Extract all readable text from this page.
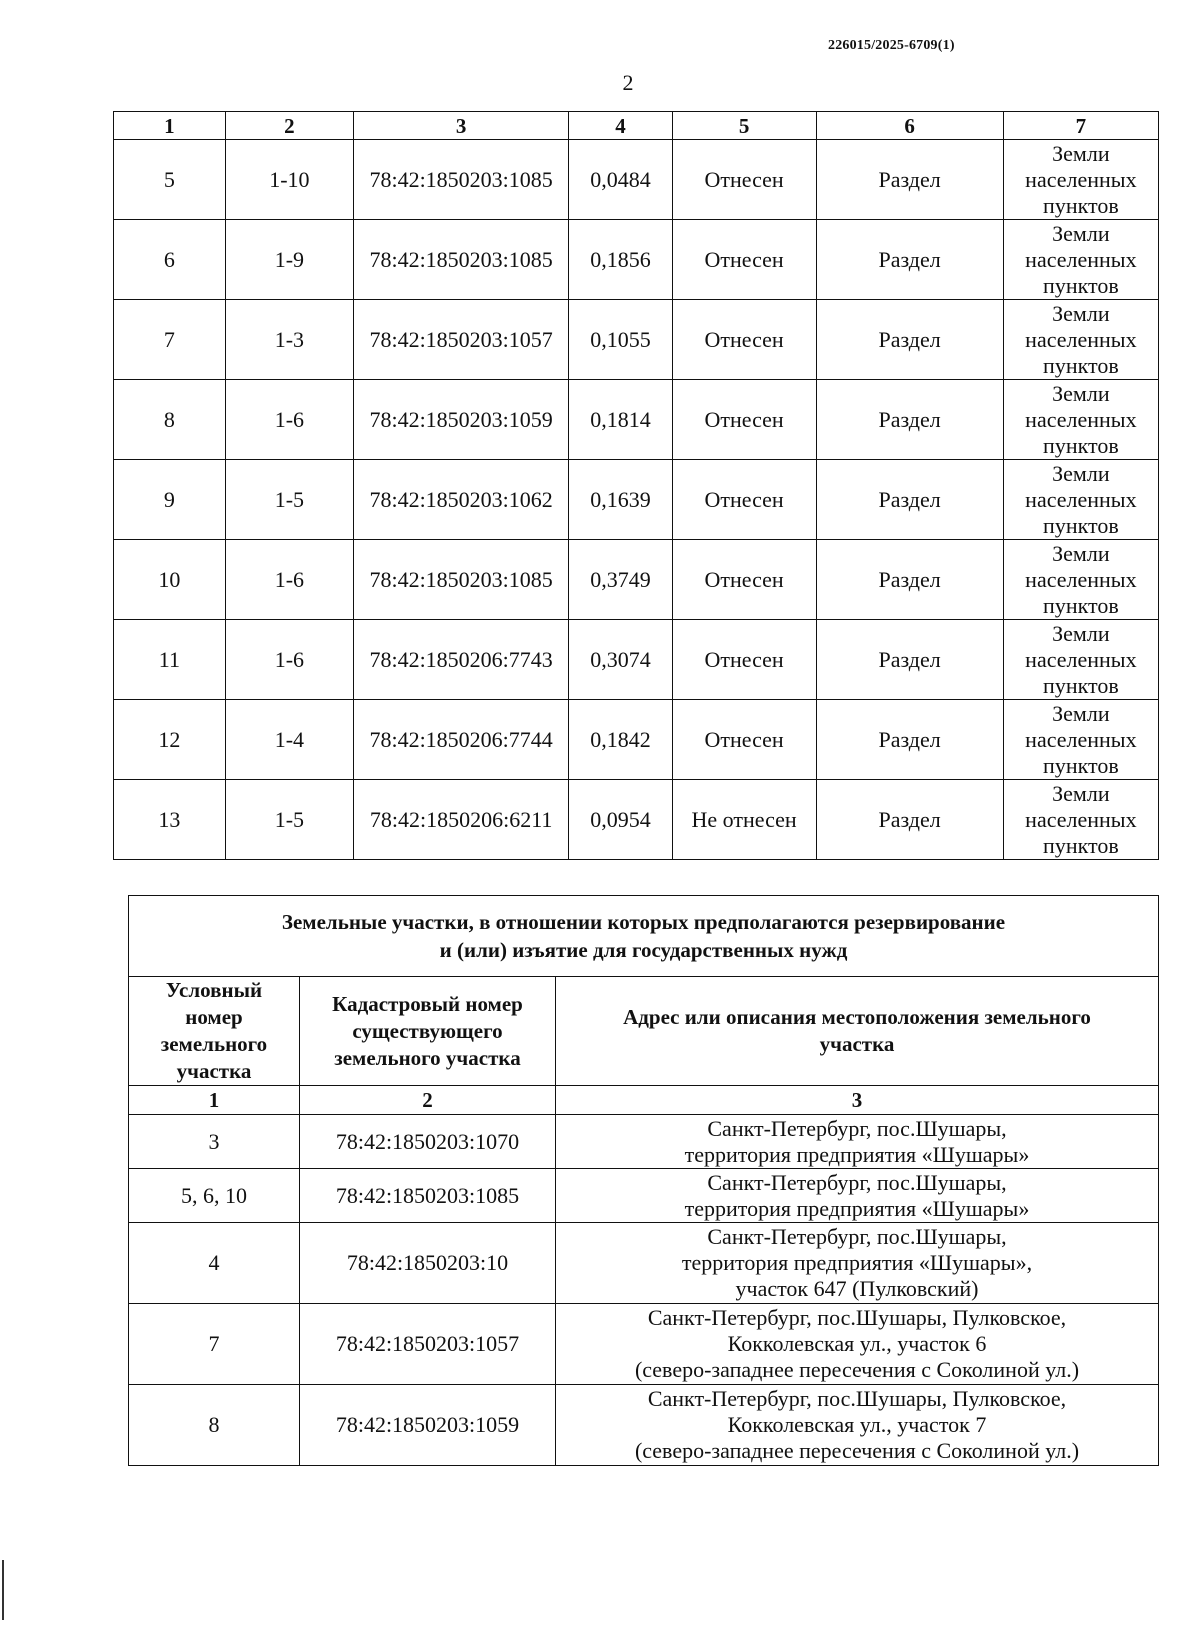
226015/2025-6709(1)
2
1	2	3	4	5	6	7
5	1-10	78:42:1850203:1085	0,0484	Отнесен	Раздел	Земли
населенных
пунктов

6	1-9	78:42:1850203:1085	0,1856	Отнесен	Раздел	Земли
населенных
пунктов

7	1-3	78:42:1850203:1057	0,1055	Отнесен	Раздел	Земли
населенных
пунктов

8	1-6	78:42:1850203:1059	0,1814	Отнесен	Раздел	Земли
населенных
пунктов

9	1-5	78:42:1850203:1062	0,1639	Отнесен	Раздел	Земли
населенных
пунктов

10	1-6	78:42:1850203:1085	0,3749	Отнесен	Раздел	Земли
населенных
пунктов

11	1-6	78:42:1850206:7743	0,3074	Отнесен	Раздел	Земли
населенных
пунктов

12	1-4	78:42:1850206:7744	0,1842	Отнесен	Раздел	Земли
населенных
пунктов

13	1-5	78:42:1850206:6211	0,0954	Не отнесен	Раздел	Земли
населенных
пунктов
Земельные участки, в отношении которых предполагаются резервирование
и (или) изъятие для государственных нужд		

Условный
номер
земельного
участка	Кадастровый номер
существующего
земельного участка	Адрес или описания местоположения земельного
участка

1	2	3
3	78:42:1850203:1070	Санкт-Петербург, пос.Шушары,
территория предприятия «Шушары»

5, 6, 10	78:42:1850203:1085	Санкт-Петербург, пос.Шушары,
территория предприятия «Шушары»

4	78:42:1850203:10	Санкт-Петербург, пос.Шушары,
территория предприятия «Шушары»,
участок 647 (Пулковский)

7	78:42:1850203:1057	Санкт-Петербург, пос.Шушары, Пулковское,
Кокколевская ул., участок 6
(северо-западнее пересечения с Соколиной ул.)

8	78:42:1850203:1059	Санкт-Петербург, пос.Шушары, Пулковское,
Кокколевская ул., участок 7
(северо-западнее пересечения с Соколиной ул.)
